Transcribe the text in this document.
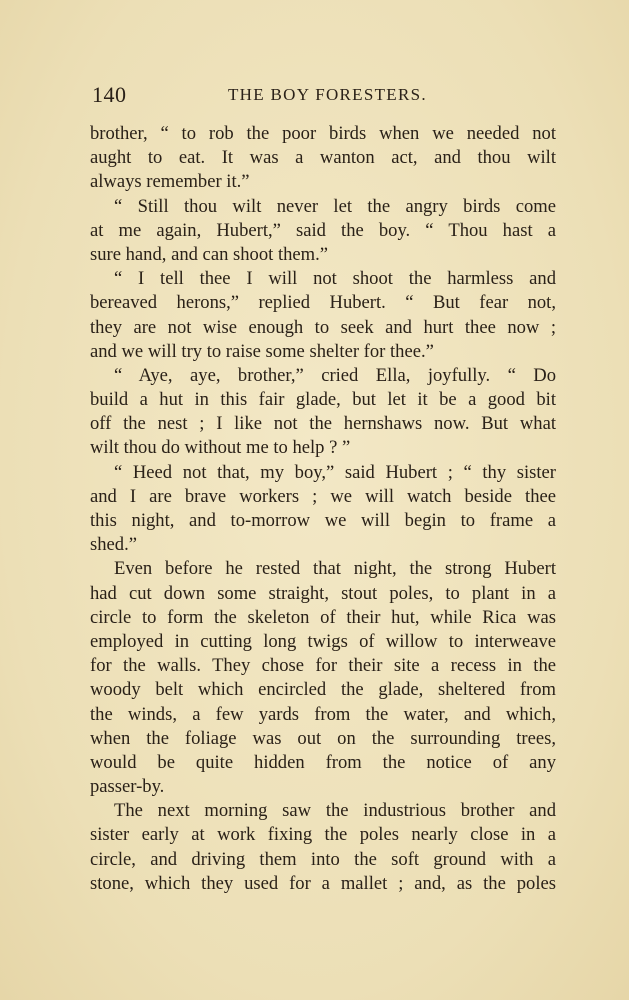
140	THE BOY FORESTERS.
brother, “ to rob the poor birds when we needed not
aught to eat. It was a wanton act, and thou wilt
always remember it.”
“ Still thou wilt never let the angry birds come
at me again, Hubert,” said the boy. “ Thou hast a
sure hand, and can shoot them.”
“ I tell thee I will not shoot the harmless and
bereaved herons,” replied Hubert. “ But fear not,
they are not wise enough to seek and hurt thee now ;
and we will try to raise some shelter for thee.”
“ Aye, aye, brother,” cried Ella, joyfully. “ Do
build a hut in this fair glade, but let it be a good bit
off the nest ; I like not the hernshaws now. But what
wilt thou do without me to help ? ”
“ Heed not that, my boy,” said Hubert ; “ thy sister
and I are brave workers ; we will watch beside thee
this night, and to-morrow we will begin to frame a
shed.”
Even before he rested that night, the strong Hubert
had cut down some straight, stout poles, to plant in a
circle to form the skeleton of their hut, while Rica was
employed in cutting long twigs of willow to interweave
for the walls. They chose for their site a recess in the
woody belt which encircled the glade, sheltered from
the winds, a few yards from the water, and which,
when the foliage was out on the surrounding trees,
would be quite hidden from the notice of any
passer-by.
The next morning saw the industrious brother and
sister early at work fixing the poles nearly close in a
circle, and driving them into the soft ground with a
stone, which they used for a mallet ; and, as the poles
